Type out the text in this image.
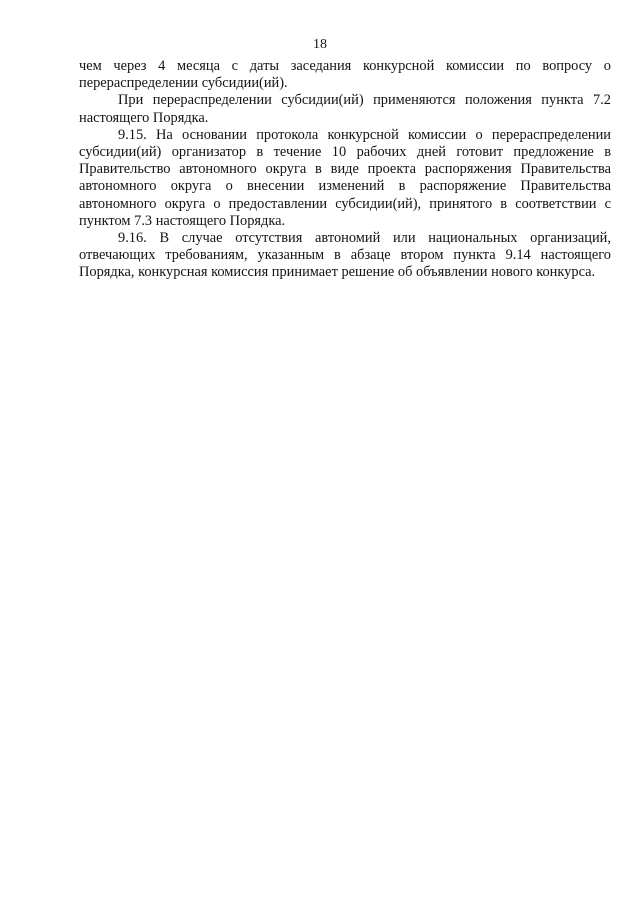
18

чем через 4 месяца с даты заседания конкурсной комиссии по вопросу о перераспределении субсидии(ий).

При перераспределении субсидии(ий) применяются положения пункта 7.2 настоящего Порядка.

9.15. На основании протокола конкурсной комиссии о перераспределении субсидии(ий) организатор в течение 10 рабочих дней готовит предложение в Правительство автономного округа в виде проекта распоряжения Правительства автономного округа о внесении изменений в распоряжение Правительства автономного округа о предоставлении субсидии(ий), принятого в соответствии с пунктом 7.3 настоящего Порядка.

9.16. В случае отсутствия автономий или национальных организаций, отвечающих требованиям, указанным в абзаце втором пункта 9.14 настоящего Порядка, конкурсная комиссия принимает решение об объявлении нового конкурса.
